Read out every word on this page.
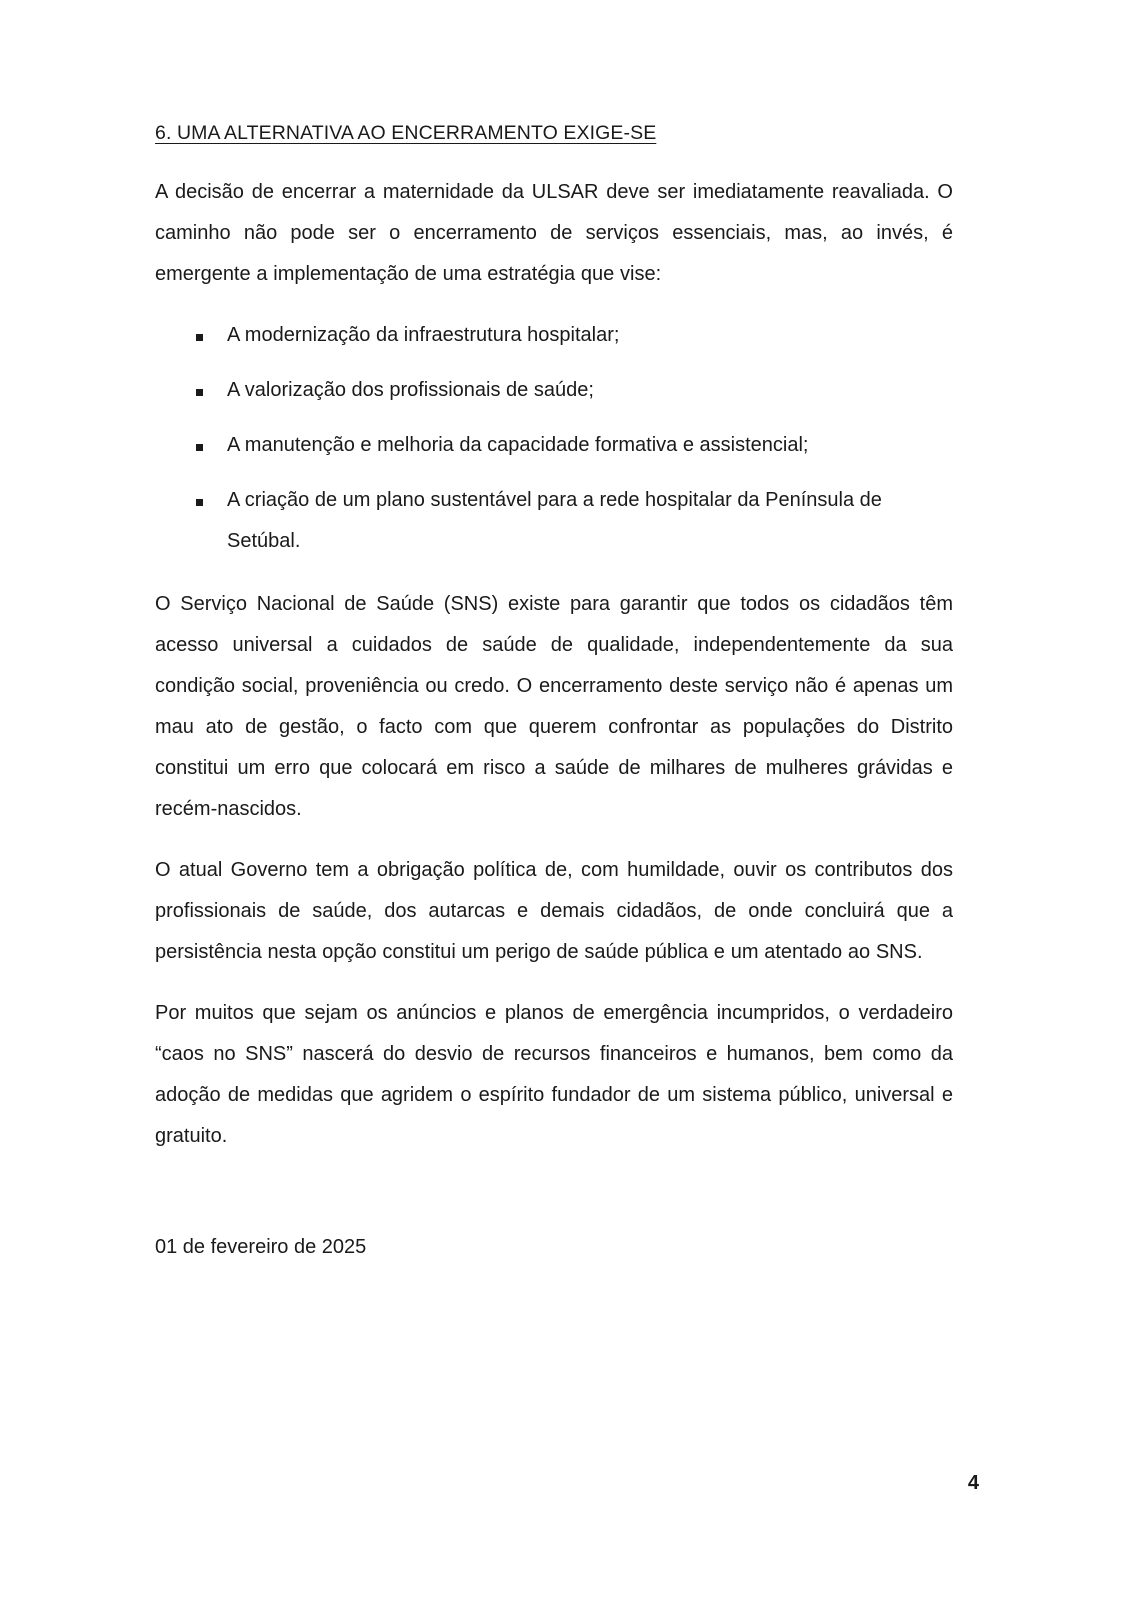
6. UMA ALTERNATIVA AO ENCERRAMENTO EXIGE-SE

A decisão de encerrar a maternidade da ULSAR deve ser imediatamente reavaliada. O caminho não pode ser o encerramento de serviços essenciais, mas, ao invés, é emergente a implementação de uma estratégia que vise:

A modernização da infraestrutura hospitalar;
A valorização dos profissionais de saúde;
A manutenção e melhoria da capacidade formativa e assistencial;
A criação de um plano sustentável para a rede hospitalar da Península de Setúbal.

O Serviço Nacional de Saúde (SNS) existe para garantir que todos os cidadãos têm acesso universal a cuidados de saúde de qualidade, independentemente da sua condição social, proveniência ou credo. O encerramento deste serviço não é apenas um mau ato de gestão, o facto com que querem confrontar as populações do Distrito constitui um erro que colocará em risco a saúde de milhares de mulheres grávidas e recém-nascidos.

O atual Governo tem a obrigação política de, com humildade, ouvir os contributos dos profissionais de saúde, dos autarcas e demais cidadãos, de onde concluirá que a persistência nesta opção constitui um perigo de saúde pública e um atentado ao SNS.

Por muitos que sejam os anúncios e planos de emergência incumpridos, o verdadeiro “caos no SNS” nascerá do desvio de recursos financeiros e humanos, bem como da adoção de medidas que agridem o espírito fundador de um sistema público, universal e gratuito.

01 de fevereiro de 2025
4
